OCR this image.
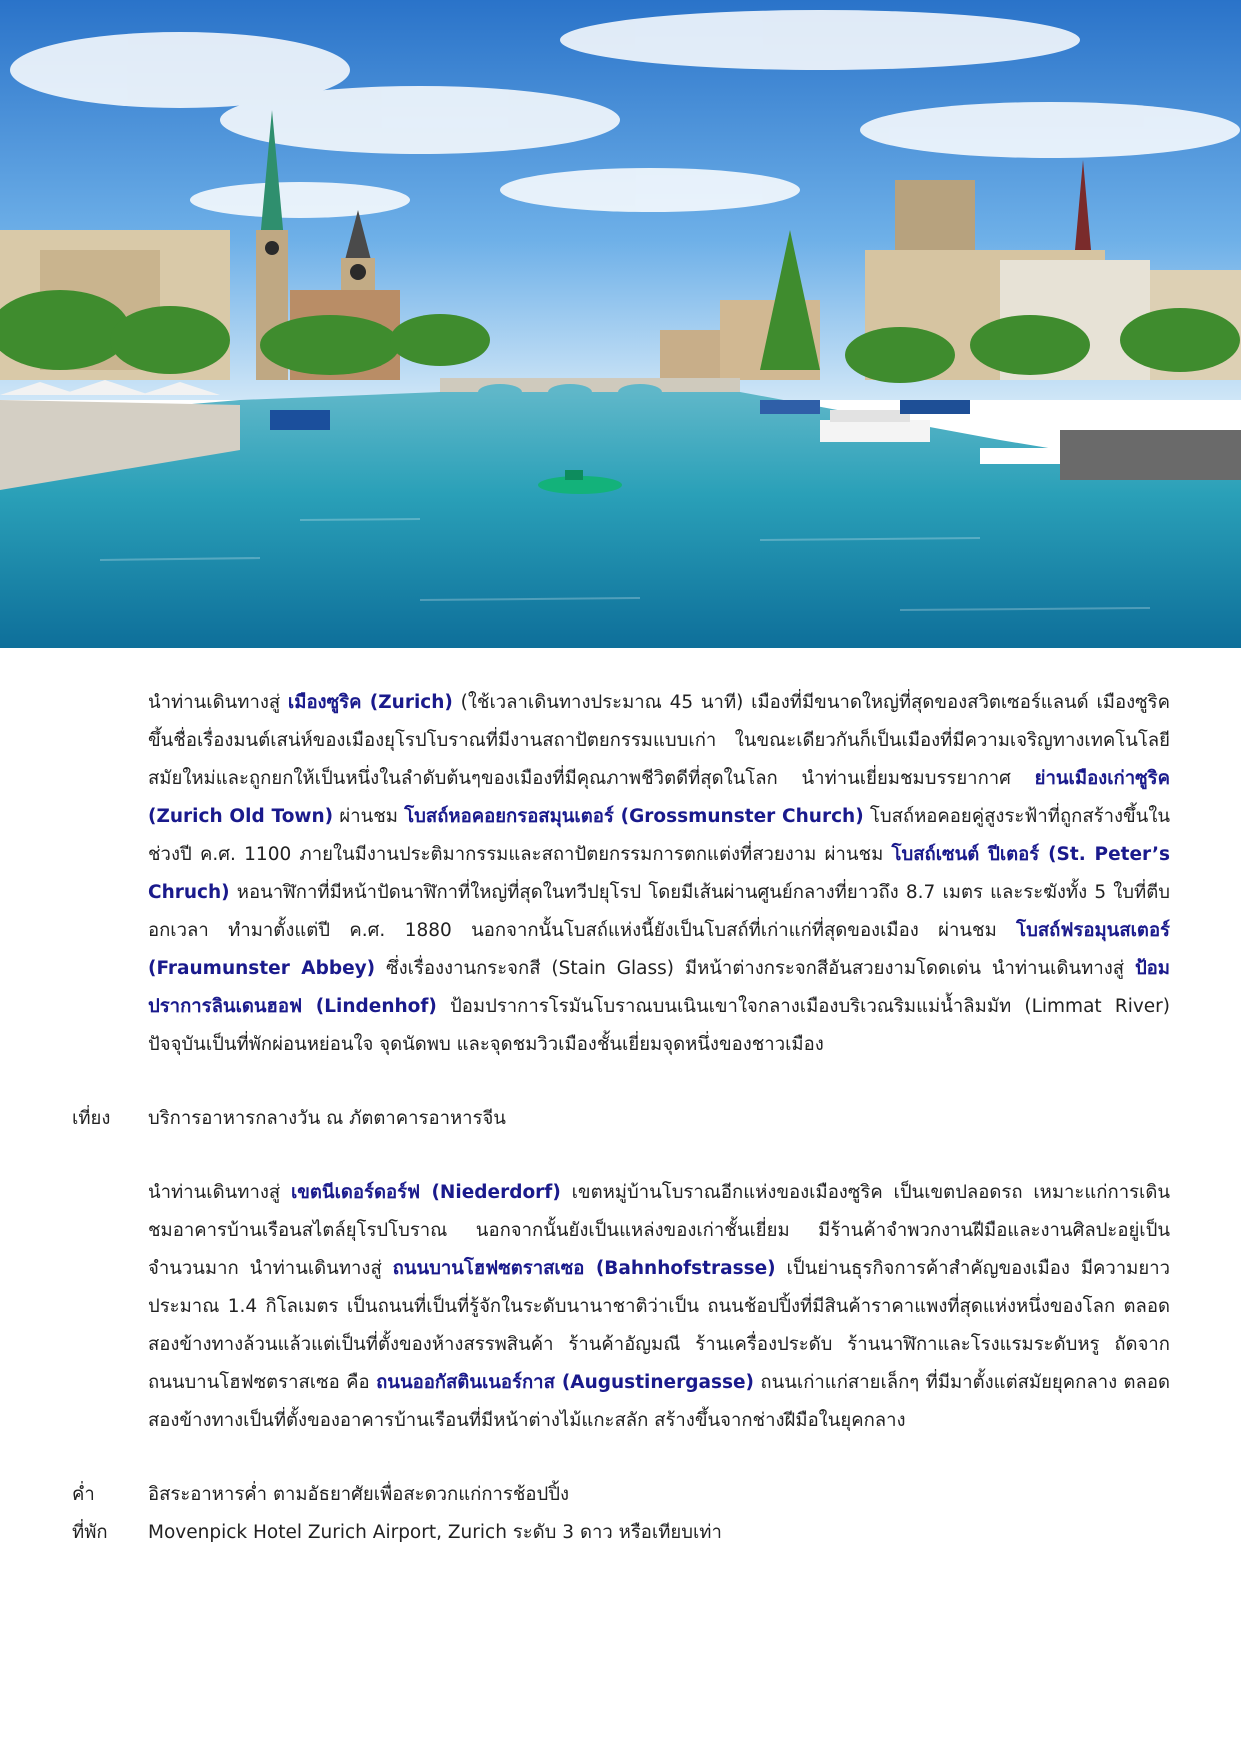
นำท่านเดินทางสู่ เมืองซูริค (Zurich) (ใช้เวลาเดินทางประมาณ 45 นาที) เมืองที่มีขนาดใหญ่ที่สุดของสวิตเซอร์แลนด์ เมืองซูริคขึ้นชื่อเรื่องมนต์เสน่ห์ของเมืองยุโรปโบราณที่มีงานสถาปัตยกรรมแบบเก่า ในขณะเดียวกันก็เป็นเมืองที่มีความเจริญทางเทคโนโลยีสมัยใหม่และถูกยกให้เป็นหนึ่งในลำดับต้นๆของเมืองที่มีคุณภาพชีวิตดีที่สุดในโลก นำท่านเยี่ยมชมบรรยากาศ ย่านเมืองเก่าซูริค (Zurich Old Town) ผ่านชม โบสถ์หอคอยกรอสมุนเตอร์ (Grossmunster Church) โบสถ์หอคอยคู่สูงระฟ้าที่ถูกสร้างขึ้นในช่วงปี ค.ศ. 1100 ภายในมีงานประติมากรรมและสถาปัตยกรรมการตกแต่งที่สวยงาม ผ่านชม โบสถ์เซนต์ ปีเตอร์ (St. Peter’s Chruch) หอนาฬิกาที่มีหน้าปัดนาฬิกาที่ใหญ่ที่สุดในทวีปยุโรป โดยมีเส้นผ่านศูนย์กลางที่ยาวถึง 8.7 เมตร และระฆังทั้ง 5 ใบที่ตีบอกเวลา ทำมาตั้งแต่ปี ค.ศ. 1880 นอกจากนั้นโบสถ์แห่งนี้ยังเป็นโบสถ์ที่เก่าแก่ที่สุดของเมือง ผ่านชม โบสถ์ฟรอมุนสเตอร์ (Fraumunster Abbey) ซึ่งเรื่องงานกระจกสี (Stain Glass) มีหน้าต่างกระจกสีอันสวยงามโดดเด่น นำท่านเดินทางสู่ ป้อมปราการลินเดนฮอฟ (Lindenhof) ป้อมปราการโรมันโบราณบนเนินเขาใจกลางเมืองบริเวณริมแม่น้ำลิมมัท (Limmat River) ปัจจุบันเป็นที่พักผ่อนหย่อนใจ จุดนัดพบ และจุดชมวิวเมืองชั้นเยี่ยมจุดหนึ่งของชาวเมือง

เที่ยง	บริการอาหารกลางวัน ณ ภัตตาคารอาหารจีน

นำท่านเดินทางสู่ เขตนีเดอร์ดอร์ฟ (Niederdorf) เขตหมู่บ้านโบราณอีกแห่งของเมืองซูริค เป็นเขตปลอดรถ เหมาะแก่การเดินชมอาคารบ้านเรือนสไตล์ยุโรปโบราณ นอกจากนั้นยังเป็นแหล่งของเก่าชั้นเยี่ยม มีร้านค้าจำพวกงานฝีมือและงานศิลปะอยู่เป็นจำนวนมาก นำท่านเดินทางสู่ ถนนบานโฮฟซตราสเซอ (Bahnhofstrasse) เป็นย่านธุรกิจการค้าสำคัญของเมือง มีความยาวประมาณ 1.4 กิโลเมตร เป็นถนนที่เป็นที่รู้จักในระดับนานาชาติว่าเป็น ถนนช้อปปิ้งที่มีสินค้าราคาแพงที่สุดแห่งหนึ่งของโลก ตลอดสองข้างทางล้วนแล้วแต่เป็นที่ตั้งของห้างสรรพสินค้า ร้านค้าอัญมณี ร้านเครื่องประดับ ร้านนาฬิกาและโรงแรมระดับหรู ถัดจากถนนบานโฮฟซตราสเซอ คือ ถนนออกัสตินเนอร์กาส (Augustinergasse) ถนนเก่าแก่สายเล็กๆ ที่มีมาตั้งแต่สมัยยุคกลาง ตลอดสองข้างทางเป็นที่ตั้งของอาคารบ้านเรือนที่มีหน้าต่างไม้แกะสลัก สร้างขึ้นจากช่างฝีมือในยุคกลาง

ค่ำ	อิสระอาหารค่ำ ตามอัธยาศัยเพื่อสะดวกแก่การช้อปปิ้ง
ที่พัก	Movenpick Hotel Zurich Airport, Zurich ระดับ 3 ดาว หรือเทียบเท่า
